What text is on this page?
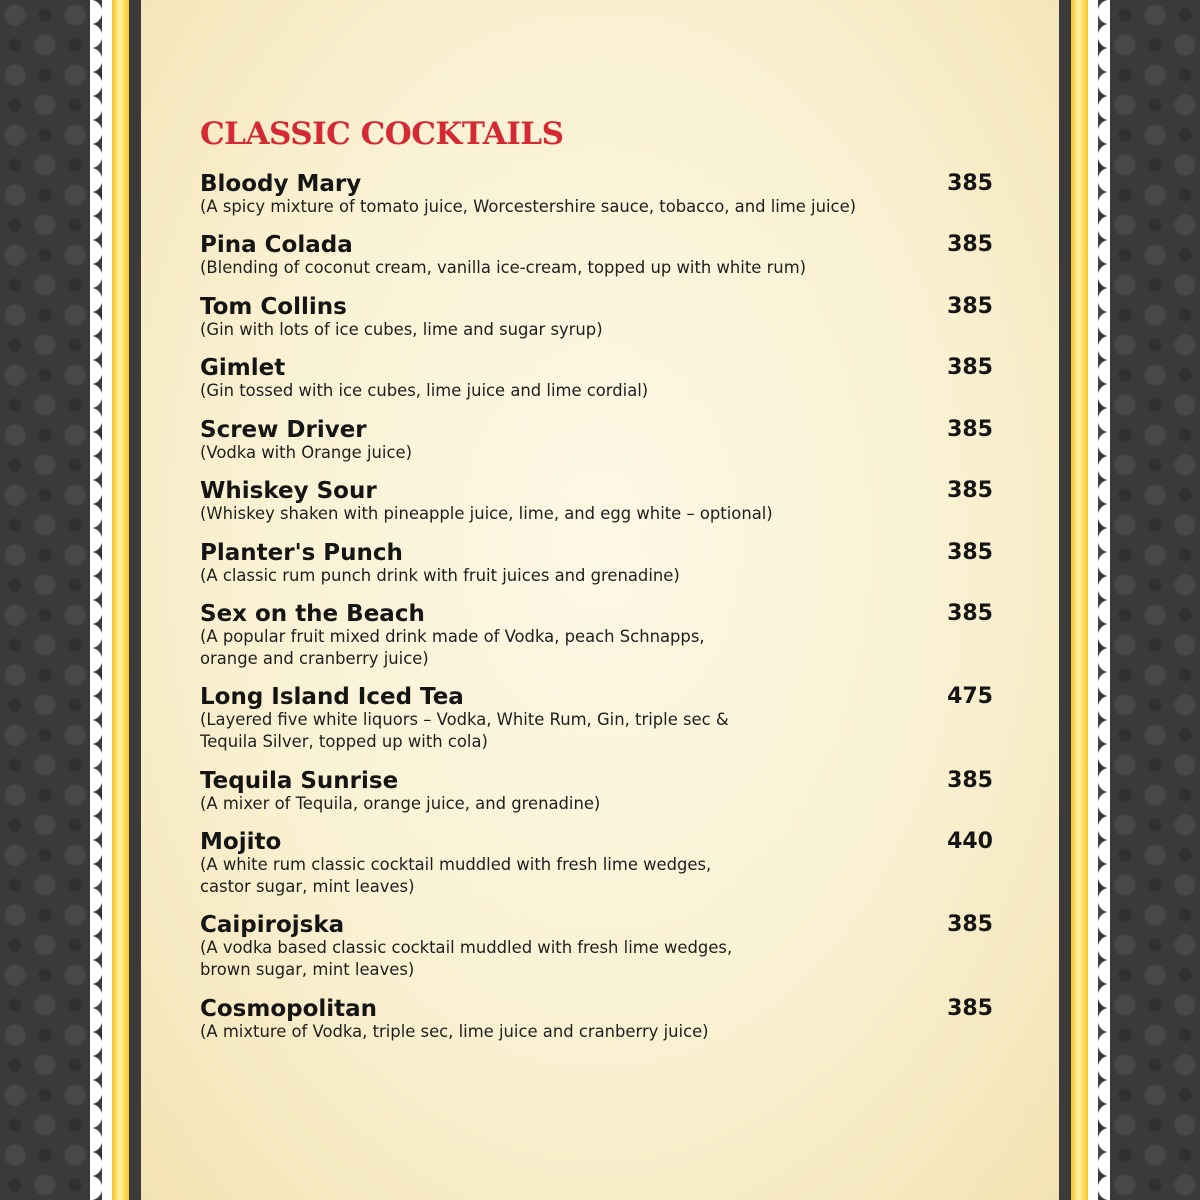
CLASSIC COCKTAILS
Bloody Mary	385
(A spicy mixture of tomato juice, Worcestershire sauce, tobacco, and lime juice)
Pina Colada	385
(Blending of coconut cream, vanilla ice-cream, topped up with white rum)
Tom Collins	385
(Gin with lots of ice cubes, lime and sugar syrup)
Gimlet	385
(Gin tossed with ice cubes, lime juice and lime cordial)
Screw Driver	385
(Vodka with Orange juice)
Whiskey Sour	385
(Whiskey shaken with pineapple juice, lime, and egg white – optional)
Planter's Punch	385
(A classic rum punch drink with fruit juices and grenadine)
Sex on the Beach	385
(A popular fruit mixed drink made of Vodka, peach Schnapps,
orange and cranberry juice)
Long Island Iced Tea	475
(Layered five white liquors – Vodka, White Rum, Gin, triple sec &
Tequila Silver, topped up with cola)
Tequila Sunrise	385
(A mixer of Tequila, orange juice, and grenadine)
Mojito	440
(A white rum classic cocktail muddled with fresh lime wedges,
castor sugar, mint leaves)
Caipirojska	385
(A vodka based classic cocktail muddled with fresh lime wedges,
brown sugar, mint leaves)
Cosmopolitan	385
(A mixture of Vodka, triple sec, lime juice and cranberry juice)
